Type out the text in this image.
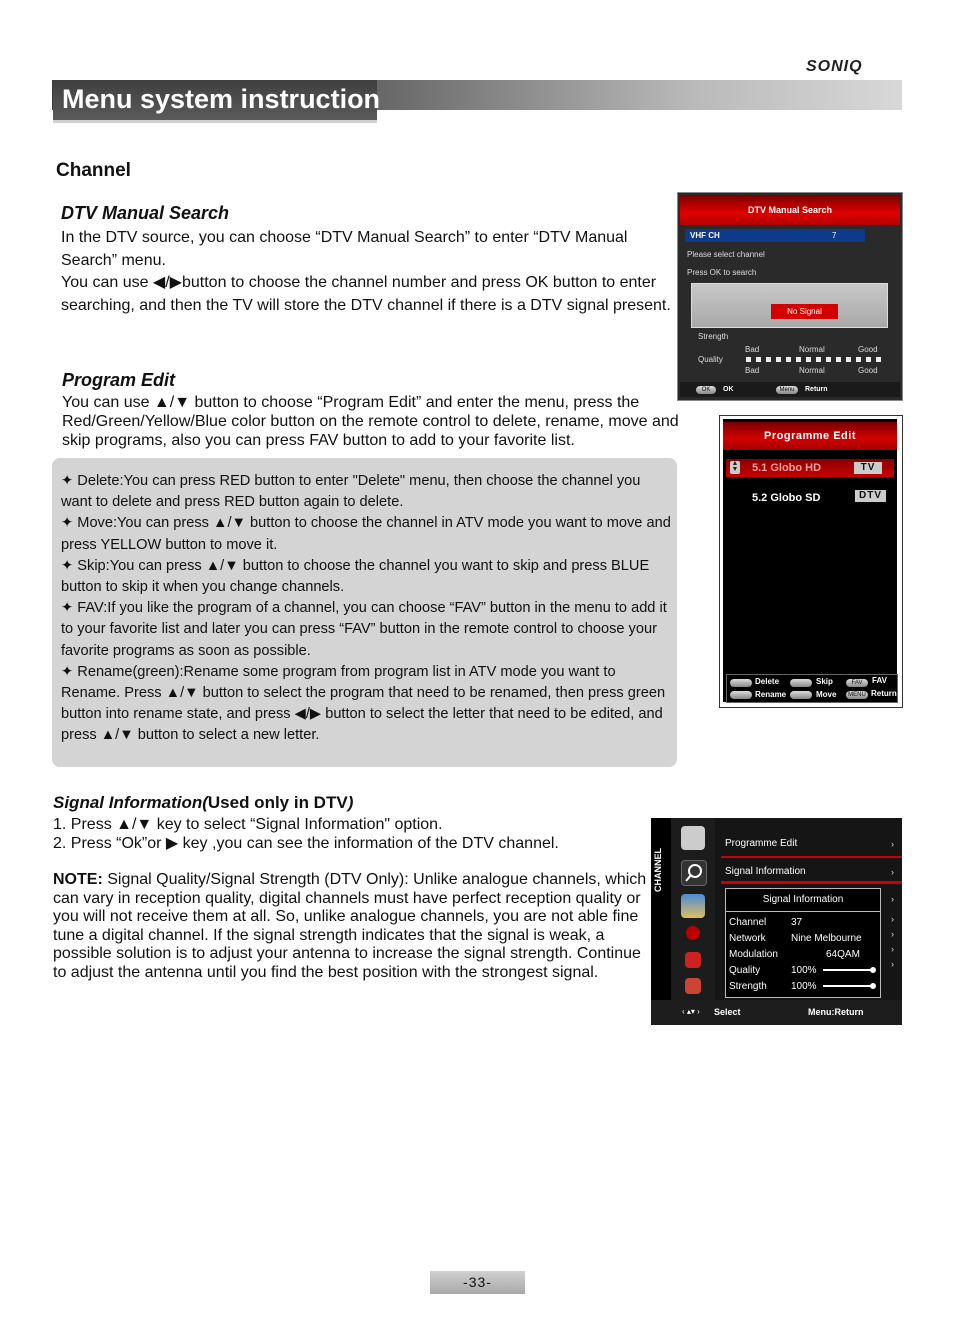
SONIQ
Menu system instruction
Channel
DTV Manual Search
In the DTV source, you can choose “DTV Manual Search” to enter “DTV Manual Search” menu.
You can use ◀/▶button to choose the channel number and press OK button to enter searching, and then the TV will store the DTV channel if there is a DTV signal present.
DTV Manual Search
VHF CH	7
Please select channel
Press OK to search
No Signal
Strength
Bad	Normal	Good
Quality
Bad	Normal	Good
OK	OK	Menu	Return
Program Edit
You can use ▲/▼ button to choose “Program Edit” and enter the menu, press the Red/Green/Yellow/Blue color button on the remote control to delete, rename, move and skip programs, also you can press FAV button to add to your favorite list.	Programme Edit
▲
▼ 5.1 Globo HD	TV
5.2 Globo SD	DTV
Delete	Skip	FAV	FAV
Rename	Move	MENU Return
✦ Delete:You can press RED button to enter "Delete" menu, then choose the channel you want to delete and press RED button again to delete.
✦ Move:You can press ▲/▼ button to choose the channel in ATV mode you want to move and press YELLOW button to move it.
✦ Skip:You can press ▲/▼ button to choose the channel you want to skip and press BLUE button to skip it when you change channels.
✦ FAV:If you like the program of a channel, you can choose “FAV” button in the menu to add it to your favorite list and later you can press “FAV” button in the remote control to choose your favorite programs as soon as possible.
✦ Rename(green):Rename some program from program list in ATV mode you want to Rename. Press ▲/▼ button to select the program that need to be renamed, then press green button into rename state, and press ◀/▶ button to select the letter that need to be edited, and press ▲/▼ button to select a new letter.
Signal Information(Used only in DTV)
1. Press ▲/▼ key to select “Signal Information" option.
2. Press “Ok”or ▶ key ,you can see the information of the DTV channel.
NOTE: Signal Quality/Signal Strength (DTV Only): Unlike analogue channels, which can vary in reception quality, digital channels must have perfect reception quality or you will not receive them at all. So, unlike analogue channels, you are not able fine tune a digital channel. If the signal strength indicates that the signal is weak, a possible solution is to adjust your antenna to increase the signal strength. Continue to adjust the antenna until you find the best position with the strongest signal.
CHANNEL
Programme Edit	›
Signal Information	›
›
›
›
›
›
Signal Information
Channel 37
Network	Nine Melbourne
Modulation	64QAM
Quality	100%
Strength 100%
‹ ▴▾ › Select	Menu:Return
-33-
